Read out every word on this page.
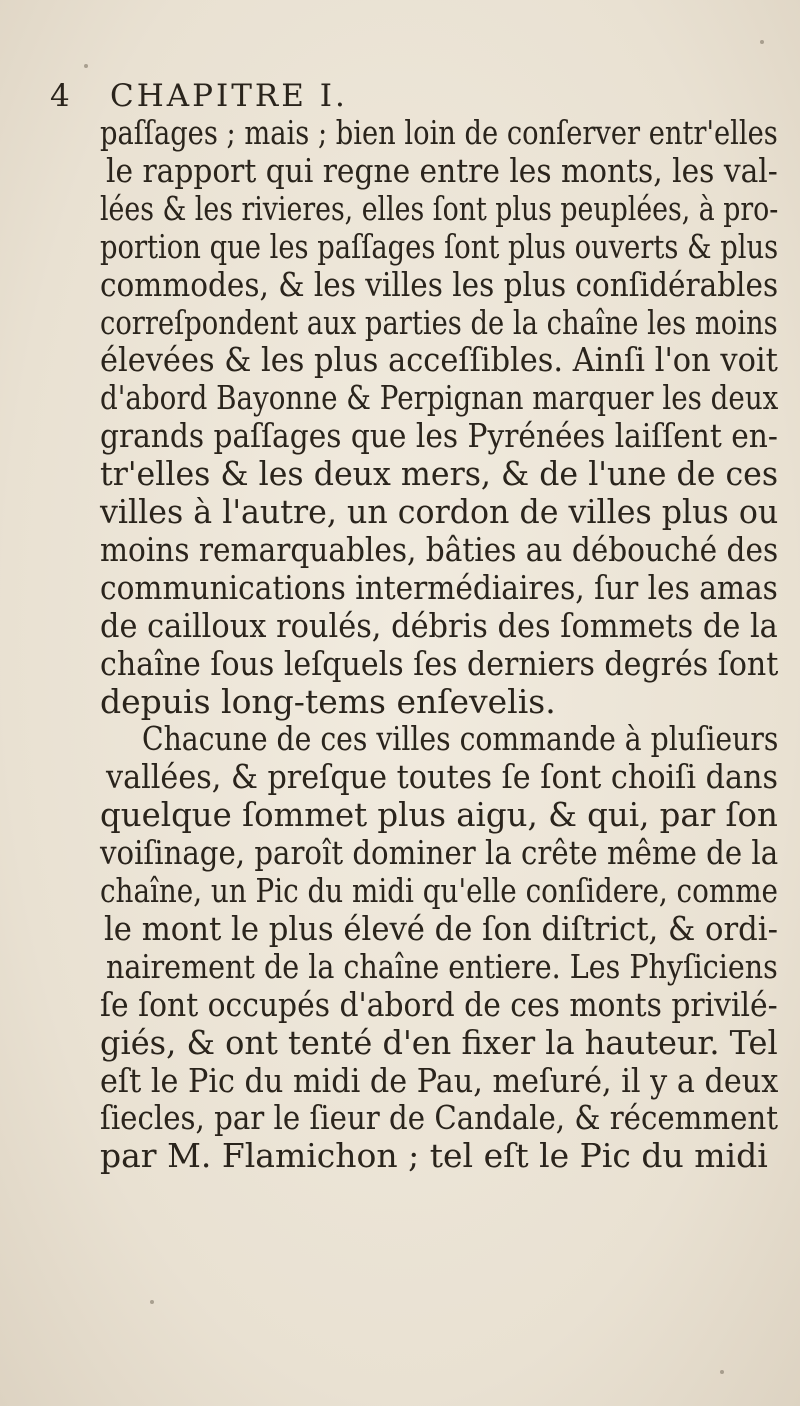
4 CHAPITRE I.
paſſages ; mais ; bien loin de conſerver entr'elles
le rapport qui regne entre les monts, les val-
lées & les rivieres, elles ſont plus peuplées, à pro-
portion que les paſſages ſont plus ouverts & plus
commodes, & les villes les plus conſidérables
correſpondent aux parties de la chaîne les moins
élevées & les plus acceſſibles. Ainſi l'on voit
d'abord Bayonne & Perpignan marquer les deux
grands paſſages que les Pyrénées laiſſent en-
tr'elles & les deux mers, & de l'une de ces
villes à l'autre, un cordon de villes plus ou
moins remarquables, bâties au débouché des
communications intermédiaires, ſur les amas
de cailloux roulés, débris des ſommets de la
chaîne ſous leſquels ſes derniers degrés ſont
depuis long-tems enſevelis.
Chacune de ces villes commande à pluſieurs
vallées, & preſque toutes ſe ſont choiſi dans
quelque ſommet plus aigu, & qui, par ſon
voiſinage, paroît dominer la crête même de la
chaîne, un Pic du midi qu'elle conſidere, comme
le mont le plus élevé de ſon diſtrict, & ordi-
nairement de la chaîne entiere. Les Phyſiciens
ſe ſont occupés d'abord de ces monts privilé-
giés, & ont tenté d'en fixer la hauteur. Tel
eſt le Pic du midi de Pau, meſuré, il y a deux
ſiecles, par le ſieur de Candale, & récemment
par M. Flamichon ; tel eſt le Pic du midi
